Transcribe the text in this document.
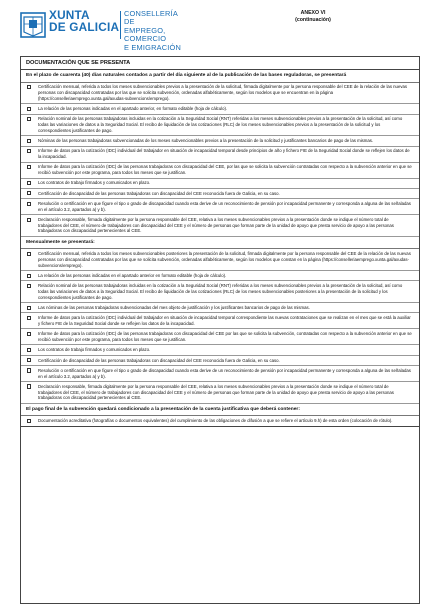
XUNTA
DE GALICIA
CONSELLERÍA DE
EMPREGO, COMERCIO
E EMIGRACIÓN
ANEXO VI
(continuación)
DOCUMENTACIÓN QUE SE PRESENTA
En el plazo de cuarenta (40) días naturales contados a partir del día siguiente al de la publicación de las bases reguladoras, se presentará
Certificación mensual, referida a todos los meses subvencionables previos a la presentación de la solicitud, firmada digitalmente por la persona responsable del CEE de la relación de las nuevas personas con discapacidad contratadas por las que se solicita subvención, ordenadas alfabéticamente, según los modelos que se encuentran en la página (https://conselleriaemprego.xunta.gal/axudas-subvencions/emprego).
La relación de las personas indicadas en el apartado anterior, en formato editable (hoja de cálculo).
Relación nominal de las personas trabajadoras incluidas en la cotización a la Seguridad Social (RNT) referidas a los meses subvencionables previos a la presentación de la solicitud, así como todas las variaciones de datos a la Seguridad Social. El recibo de liquidación de las cotizaciones (RLC) de los meses subvencionables previos a la presentación de la solicitud y los correspondientes justificantes de pago.
Nóminas de las personas trabajadoras subvencionadas de los meses subvencionables previos a la presentación de la solicitud y justificantes bancarios de pago de las mismas.
Informe de datos para la cotización (IDC) individual del trabajador en situación de incapacidad temporal desde principios de año y fichero FIE de la Seguridad Social donde se reflejen los datos de la incapacidad.
Informe de datos para la cotización (IDC) de las personas trabajadoras con discapacidad del CEE, por las que se solicita la subvención contratadas con respecto a la subvención anterior en que se recibió subvención por este programa, para todos los meses que se justifican.
Los contratos de trabajo firmados y comunicados en plazo.
Certificación de discapacidad de las personas trabajadoras con discapacidad del CEE reconocida fuera de Galicia, en su caso.
Resolución o certificación en que figure el tipo o grado de discapacidad cuando esta derive de un reconocimiento de pensión por incapacidad permanente y corresponda a alguna de las señaladas en el artículo 3.2, apartados a) y b).
Declaración responsable, firmada digitalmente por la persona responsable del CEE, relativa a los meses subvencionables previos a la presentación donde se indique el número total de trabajadores del CEE, el número de trabajadores con discapacidad del CEE y el número de personas que forman parte de la unidad de apoyo que presta servicio de apoyo a las personas trabajadoras con discapacidad pertenecientes al CEE.
Mensualmente se presentará:
Certificación mensual, referida a todos los meses subvencionables posteriores la presentación de la solicitud, firmada digitalmente por la persona responsable del CEE de la relación de las nuevas personas con discapacidad contratadas por las que se solicita subvención, ordenadas alfabéticamente, según los modelos que constan en la página (https://conselleriaemprego.xunta.gal/axudas-subvencions/emprego).
La relación de las personas indicadas en el apartado anterior en formato editable (hoja de cálculo).
Relación nominal de las personas trabajadoras incluidas en la cotización a la Seguridad Social (RNT) referidas a los meses subvencionables previos a la presentación de la solicitud, así como todas las variaciones de datos a la Seguridad Social. El recibo de liquidación de las cotizaciones (RLC) de los meses subvencionables posteriores a la presentación de la solicitud y los correspondientes justificantes de pago.
Las nóminas de las personas trabajadoras subvencionadas del mes objeto de justificación y los justificantes bancarios de pago de las mismas.
Informe de datos para la cotización (IDC) individual del trabajador en situación de incapacidad temporal correspondiente las nuevas contrataciones que se realizan en el mes que se está la auxiliar y fichero FIE de la Seguridad Social donde se reflejen los datos de la incapacidad.
Informe de datos para la cotización (IDC) de las personas trabajadoras con discapacidad del CEE por las que se solicita la subvención, contratadas con respecto a la subvención anterior en que se recibió subvención por este programa, para todos los meses que se justifican.
Los contratos de trabajo firmados y comunicados en plazo.
Certificación de discapacidad de las personas trabajadoras con discapacidad del CEE reconocida fuera de Galicia, en su caso.
Resolución o certificación en que figure el tipo o grado de discapacidad cuando esta derive de un reconocimiento de pensión por incapacidad permanente y corresponda a alguna de las señaladas en el artículo 3.2, apartados a) y b).
Declaración responsable, firmada digitalmente por la persona responsable del CEE, relativa a los meses subvencionables previos a la presentación donde se indique el número total de trabajadores del CEE, el número de trabajadores con discapacidad del CEE y el número de personas que forman parte de la unidad de apoyo que presta servicio de apoyo a las personas trabajadoras con discapacidad pertenecientes al CEE.
El pago final de la subvención quedará condicionado a la presentación de la cuenta justificativa que deberá contener:
Documentación acreditativa (fotografías o documentos equivalentes) del cumplimiento de las obligaciones de difusión a que se refiere el artículo 9.h) de esta orden (colocación de rótulo).
